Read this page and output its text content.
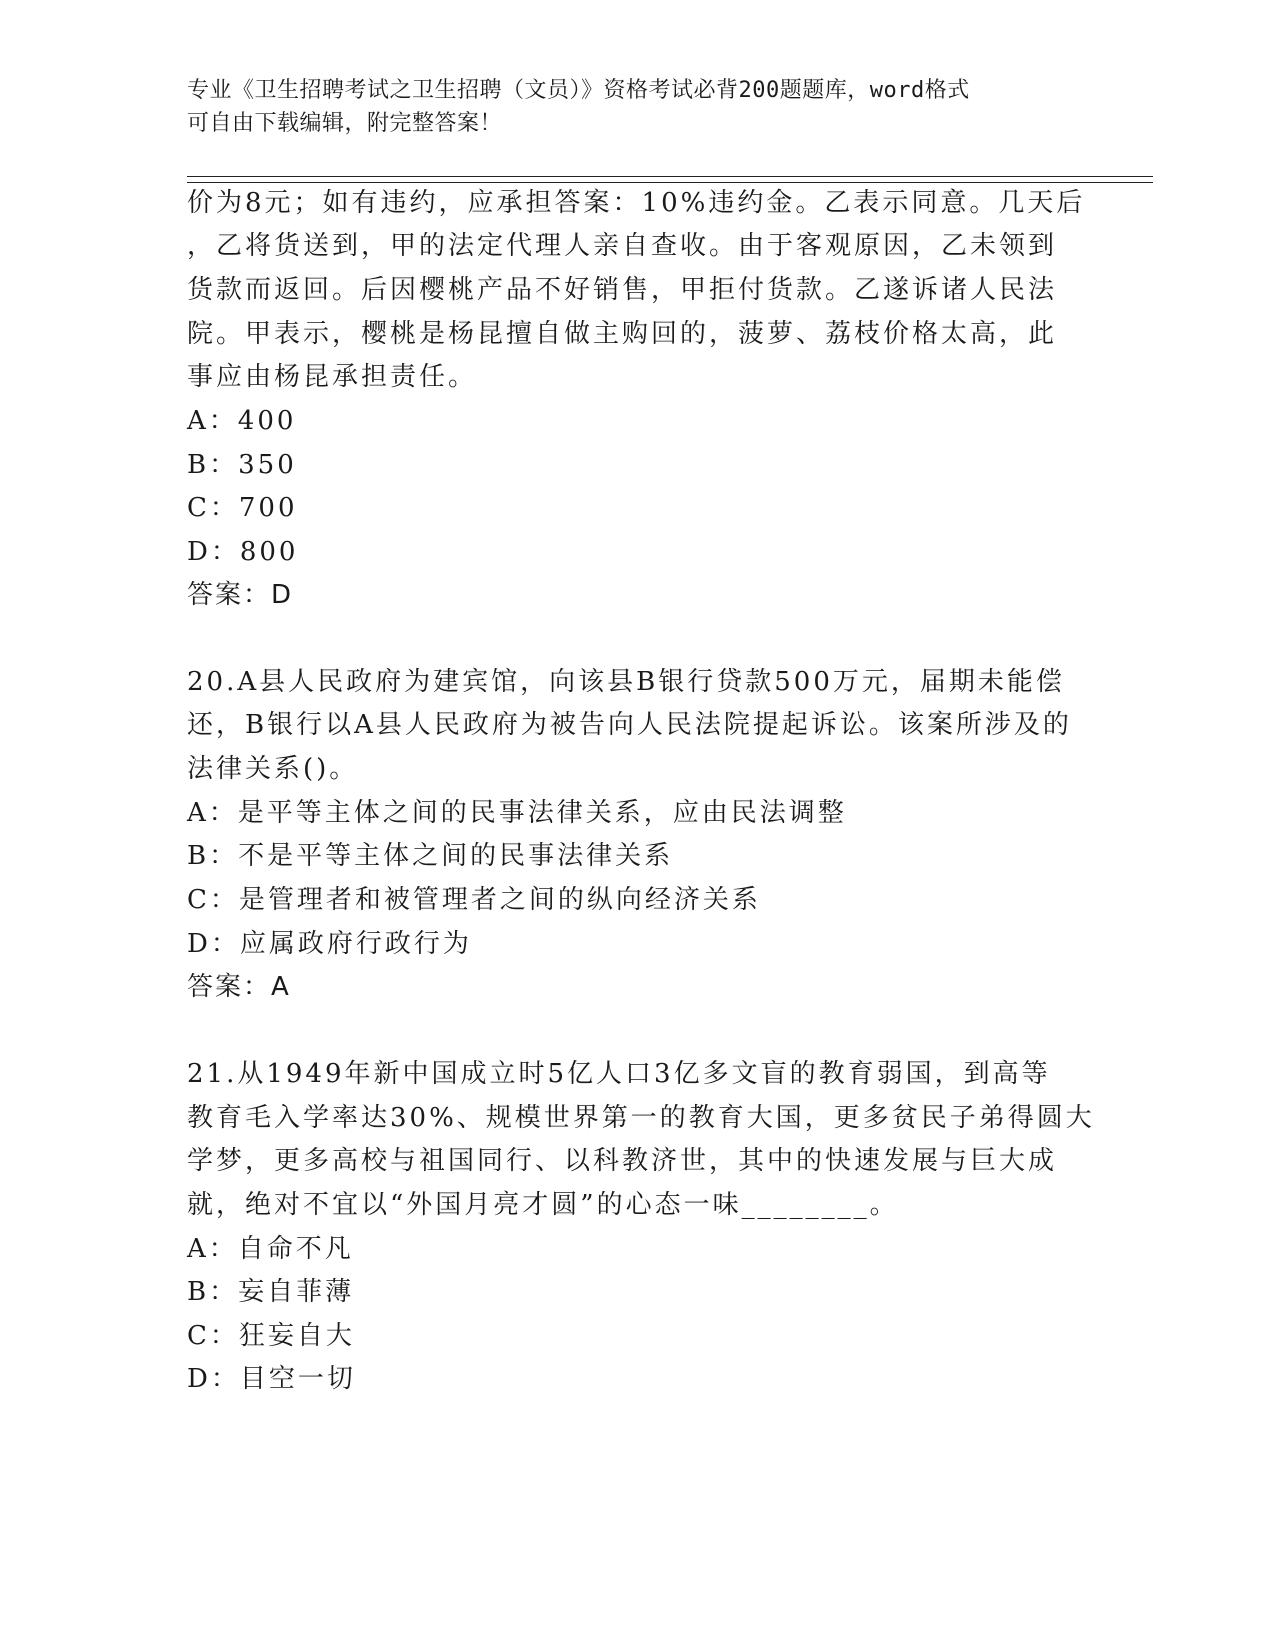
专业《卫生招聘考试之卫生招聘（文员）》资格考试必背200题题库，word格式
可自由下载编辑，附完整答案！
价为8元；如有违约，应承担答案：10%违约金。乙表示同意。几天后
，乙将货送到，甲的法定代理人亲自查收。由于客观原因，乙未领到
货款而返回。后因樱桃产品不好销售，甲拒付货款。乙遂诉诸人民法
院。甲表示，樱桃是杨昆擅自做主购回的，菠萝、荔枝价格太高，此
事应由杨昆承担责任。
A：400
B：350
C：700
D：800
答案：D
20.A县人民政府为建宾馆，向该县B银行贷款500万元，届期未能偿
还，B银行以A县人民政府为被告向人民法院提起诉讼。该案所涉及的
法律关系()。
A：是平等主体之间的民事法律关系，应由民法调整
B：不是平等主体之间的民事法律关系
C：是管理者和被管理者之间的纵向经济关系
D：应属政府行政行为
答案：A
21.从1949年新中国成立时5亿人口3亿多文盲的教育弱国，到高等
教育毛入学率达30%、规模世界第一的教育大国，更多贫民子弟得圆大
学梦，更多高校与祖国同行、以科教济世，其中的快速发展与巨大成
就，绝对不宜以“外国月亮才圆”的心态一味________。
A：自命不凡
B：妄自菲薄
C：狂妄自大
D：目空一切
